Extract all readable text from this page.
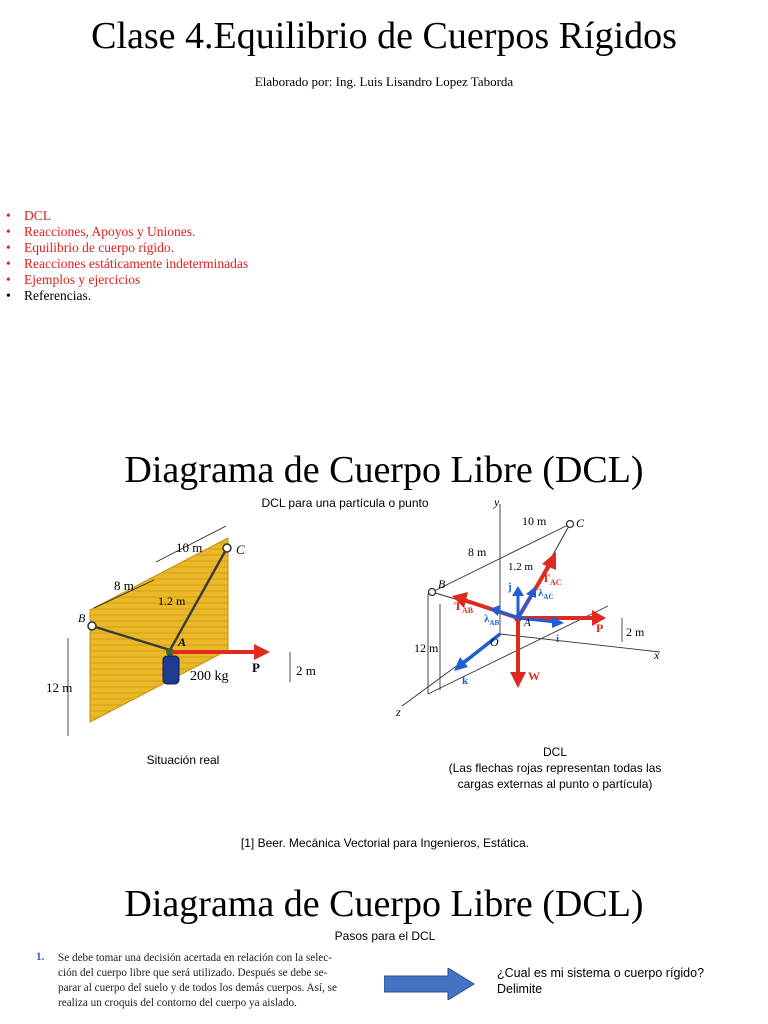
Clase 4.Equilibrio de Cuerpos Rígidos
Elaborado por: Ing. Luis Lisandro Lopez Taborda
• DCL
• Reacciones, Apoyos y Uniones.
• Equilibrio de cuerpo rígido.
• Reacciones estáticamente indeterminadas
• Ejemplos y ejercicios
• Referencias.
Diagrama de Cuerpo Libre (DCL)
DCL para una partícula o punto
10 m	C
8 m
1.2 m
B
A
200 kg
P	2 m
12 m
Situación real
y
10 m C
8 m
1.2 m
$T_{AC}$
$\lambda_{AC}$
B	j
$T_{AB}$
$\lambda_{AB}$ A
O
P 2 m
12 m
i
x
k	W
z
DCL
(Las flechas rojas representan todas las
cargas externas al punto o partícula)
[1] Beer. Mecánica Vectorial para Ingenieros, Estática.
Diagrama de Cuerpo Libre (DCL)
Pasos para el DCL
1. Se debe tomar una decisión acertada en relación con la selec-
ción del cuerpo libre que será utilizado. Después se debe se-
parar al cuerpo del suelo y de todos los demás cuerpos. Así, se
realiza un croquis del contorno del cuerpo ya aislado.
¿Cual es mi sistema o cuerpo rígido?
Delimite
